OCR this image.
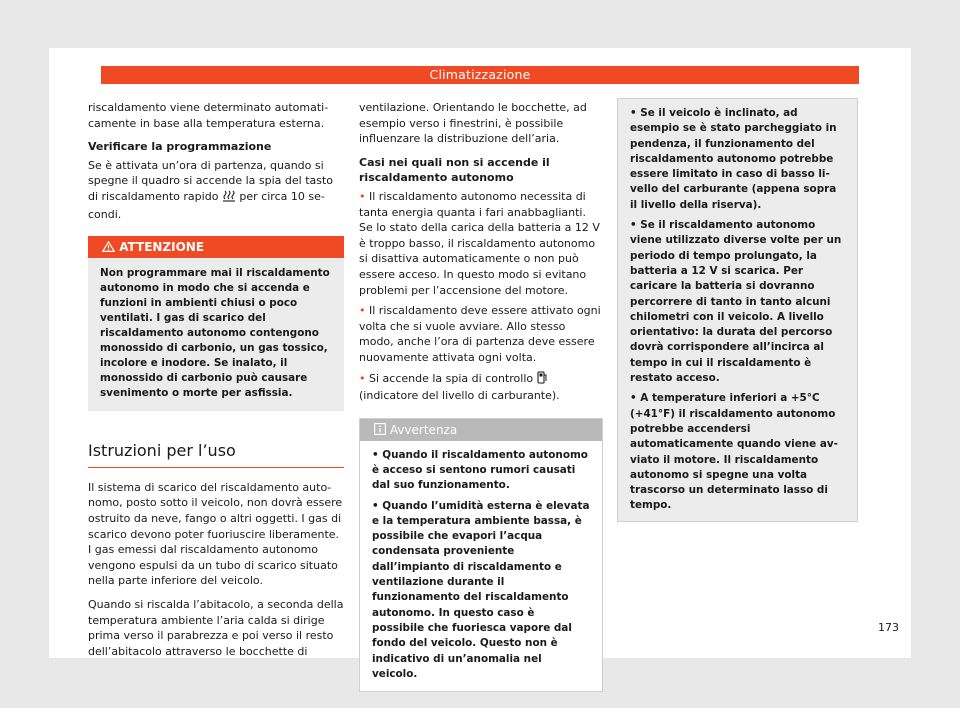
Climatizzazione

riscaldamento viene determinato automaticamente in base alla temperatura esterna.

Verificare la programmazione

Se è attivata un’ora di partenza, quando si spegne il quadro si accende la spia del tasto di riscaldamento rapido per circa 10 secondi.

ATTENZIONE
Non programmare mai il riscaldamento autonomo in modo che si accenda e funzioni in ambienti chiusi o poco ventilati. I gas di scarico del riscaldamento autonomo contengono monossido di carbonio, un gas tossico, incolore e inodore. Se inalato, il monossido di carbonio può causare svenimento o morte per asfissia.
Istruzioni per l’uso

Il sistema di scarico del riscaldamento autonomo, posto sotto il veicolo, non dovrà essere ostruito da neve, fango o altri oggetti. I gas di scarico devono poter fuoriuscire liberamente. I gas emessi dal riscaldamento autonomo vengono espulsi da un tubo di scarico situato nella parte inferiore del veicolo.

Quando si riscalda l’abitacolo, a seconda della temperatura ambiente l’aria calda si dirige prima verso il parabrezza e poi verso il resto dell’abitacolo attraverso le bocchette di

ventilazione. Orientando le bocchette, ad esempio verso i finestrini, è possibile influenzare la distribuzione dell’aria.

Casi nei quali non si accende il riscaldamento autonomo

• Il riscaldamento autonomo necessita di tanta energia quanta i fari anabbaglianti. Se lo stato della carica della batteria a 12 V è troppo basso, il riscaldamento autonomo si disattiva automaticamente o non può essere acceso. In questo modo si evitano problemi per l’accensione del motore.

• Il riscaldamento deve essere attivato ogni volta che si vuole avviare. Allo stesso modo, anche l’ora di partenza deve essere nuovamente attivata ogni volta.

• Si accende la spia di controllo  (indicatore del livello di carburante).

Avvertenza

• Quando il riscaldamento autonomo è acceso si sentono rumori causati dal suo funzionamento.

• Quando l’umidità esterna è elevata e la temperatura ambiente bassa, è possibile che evapori l’acqua condensata proveniente dall’impianto di riscaldamento e ventilazione durante il funzionamento del riscaldamento autonomo. In questo caso è possibile che fuoriesca vapore dal fondo del veicolo. Questo non è indicativo di un’anomalia nel veicolo.

• Se il veicolo è inclinato, ad esempio se è stato parcheggiato in pendenza, il funzionamento del riscaldamento autonomo potrebbe essere limitato in caso di basso livello del carburante (appena sopra il livello della riserva).

• Se il riscaldamento autonomo viene utilizzato diverse volte per un periodo di tempo prolungato, la batteria a 12 V si scarica. Per caricare la batteria si dovranno percorrere di tanto in tanto alcuni chilometri con il veicolo. A livello orientativo: la durata del percorso dovrà corrispondere all’incirca al tempo in cui il riscaldamento è restato acceso.

• A temperature inferiori a +5°C (+41°F) il riscaldamento autonomo potrebbe accendersi automaticamente quando viene avviato il motore. Il riscaldamento autonomo si spegne una volta trascorso un determinato lasso di tempo.

173
